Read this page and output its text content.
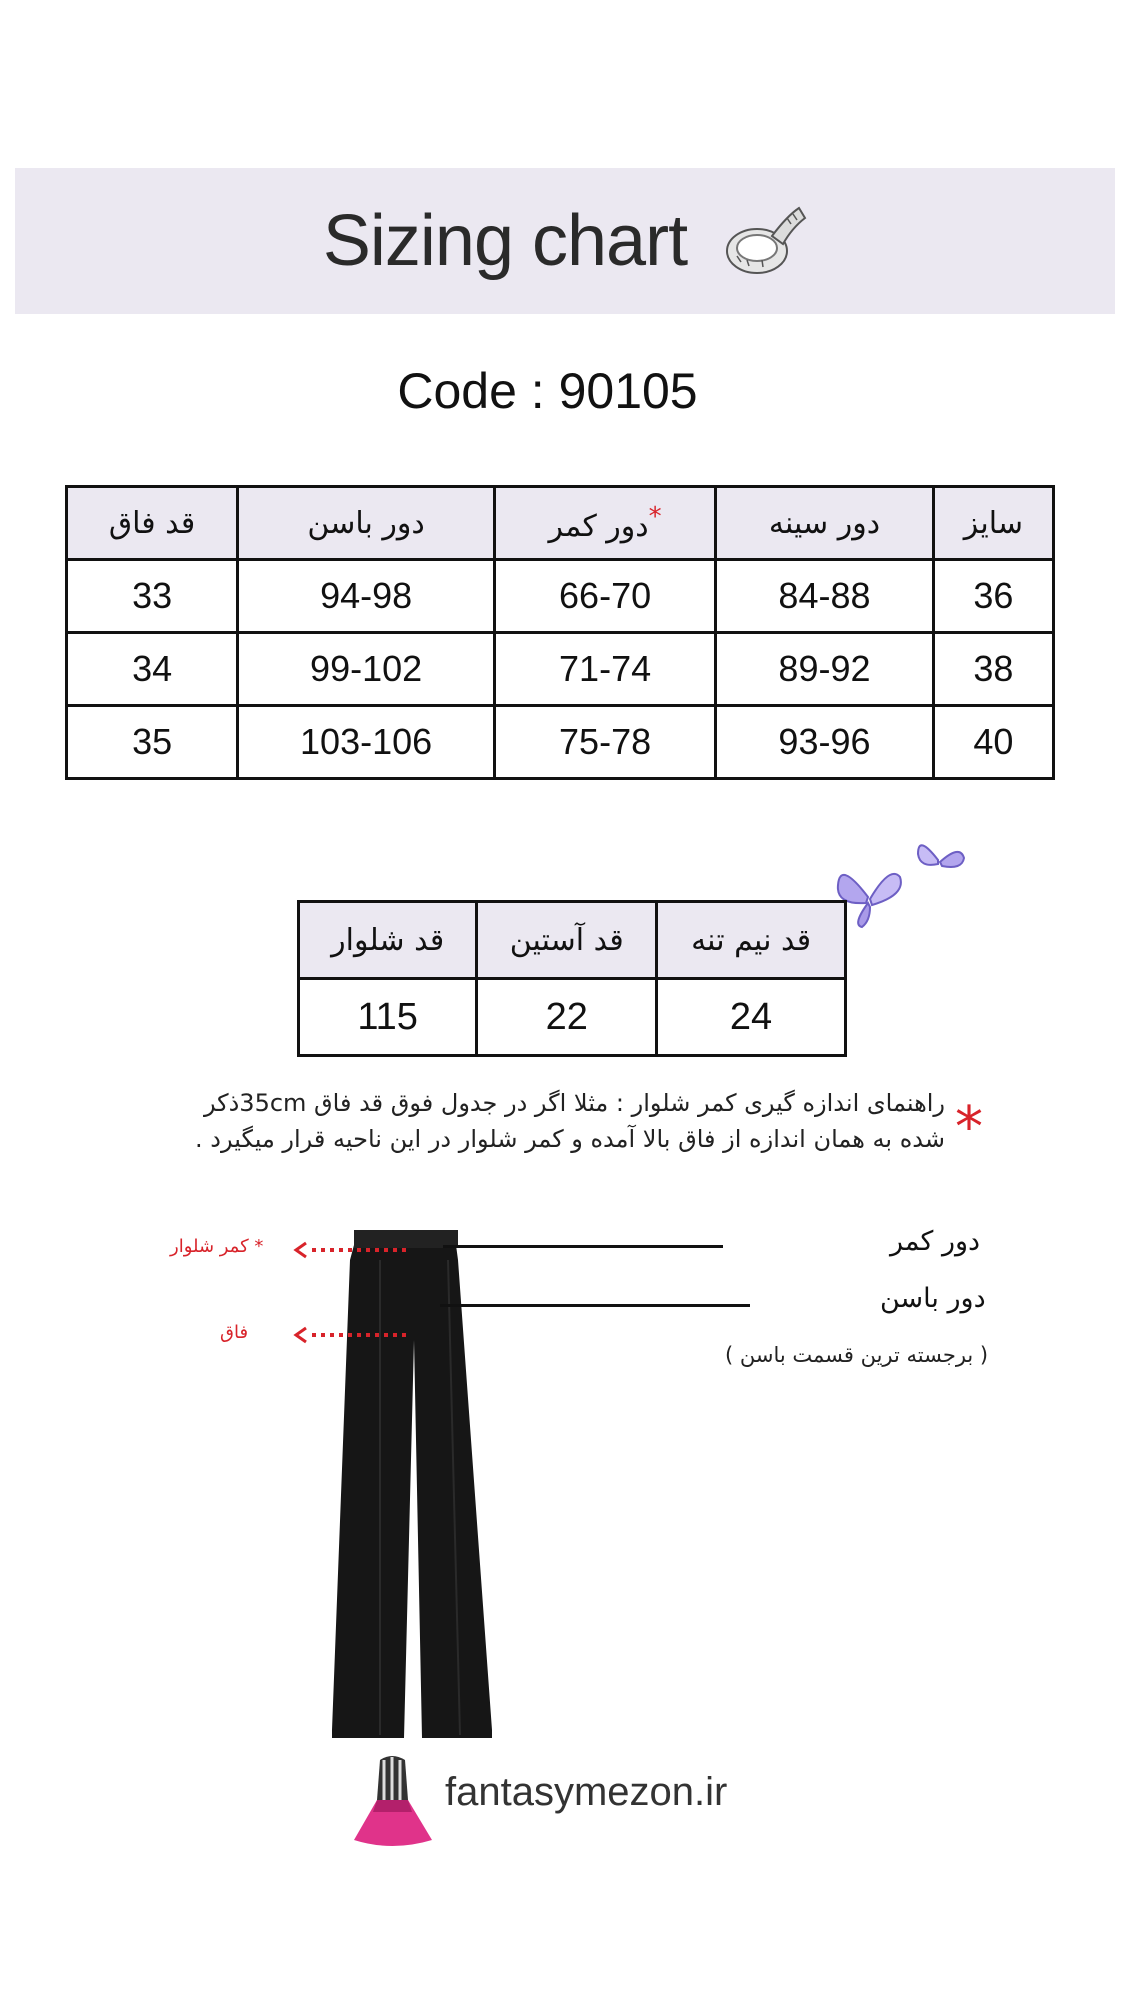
Sizing chart
Code : 90105
سایز	دور سینه	*دور کمر	دور باسن	قد فاق
36	84-88	66-70	94-98	33
38	89-92	71-74	99-102	34
40	93-96	75-78	103-106	35
قد نیم تنه	قد آستین	قد شلوار
24	22	115
*
راهنمای اندازه گیری کمر شلوار : مثلا اگر در جدول فوق قد فاق 35cmذکر
شده به همان اندازه از فاق بالا آمده و کمر شلوار در این ناحیه قرار میگیرد .
دور کمر
دور باسن
( برجسته ترین قسمت باسن )
* کمر شلوار
فاق
fantasymezon.ir
